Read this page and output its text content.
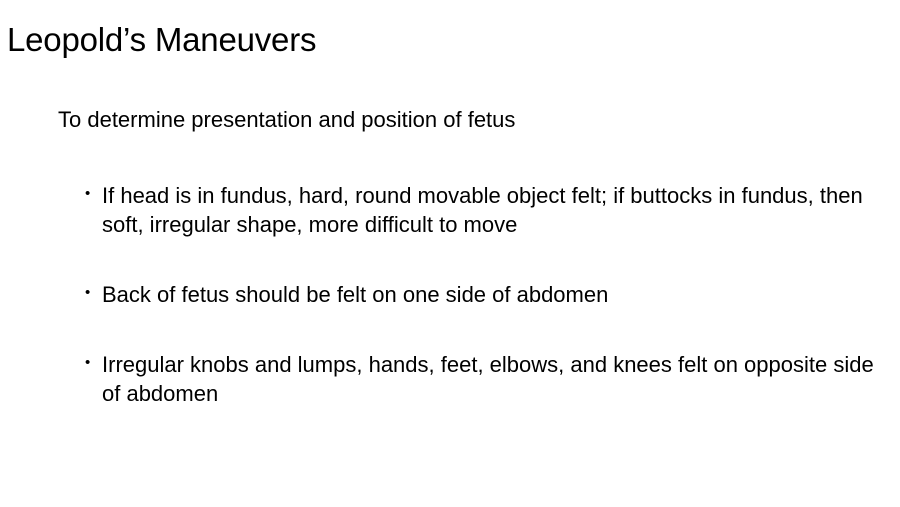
Leopold’s Maneuvers
To determine presentation and position of fetus
• If head is in fundus, hard, round movable object felt; if buttocks in fundus, then soft, irregular shape, more difficult to move
• Back of fetus should be felt on one side of abdomen
• Irregular knobs and lumps, hands, feet, elbows, and knees felt on opposite side of abdomen
